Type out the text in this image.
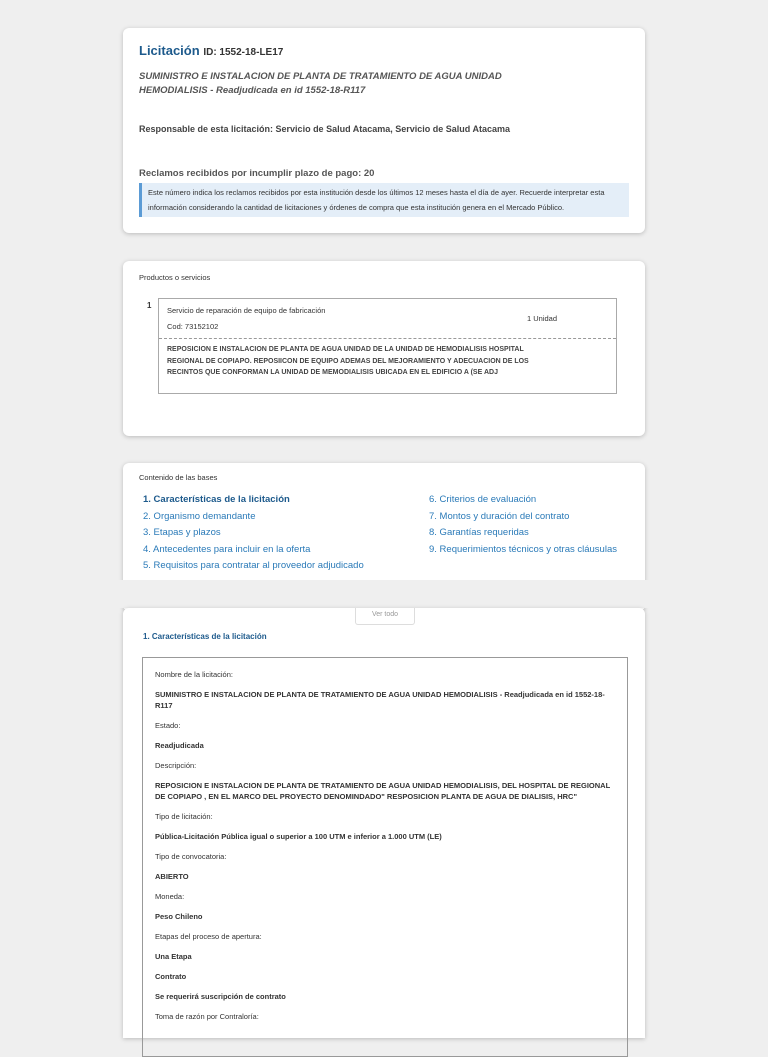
Licitación ID: 1552-18-LE17
SUMINISTRO E INSTALACION DE PLANTA DE TRATAMIENTO DE AGUA UNIDAD
HEMODIALISIS - Readjudicada en id 1552-18-R117
Responsable de esta licitación: Servicio de Salud Atacama, Servicio de Salud Atacama
Reclamos recibidos por incumplir plazo de pago: 20
Este número indica los reclamos recibidos por esta institución desde los últimos 12 meses hasta el día de ayer. Recuerde interpretar esta información considerando la cantidad de licitaciones y órdenes de compra que esta institución genera en el Mercado Público.
Productos o servicios
1
Servicio de reparación de equipo de fabricación
Cod: 73152102
1 Unidad
REPOSICION E INSTALACION DE PLANTA DE AGUA UNIDAD DE LA UNIDAD DE HEMODIALISIS HOSPITAL REGIONAL DE COPIAPO. REPOSIICON DE EQUIPO ADEMAS DEL MEJORAMIENTO Y ADECUACION DE LOS RECINTOS QUE CONFORMAN LA UNIDAD DE MEMODIALISIS UBICADA EN EL EDIFICIO A (SE ADJ
Contenido de las bases
1. Características de la licitación
2. Organismo demandante
3. Etapas y plazos
4. Antecedentes para incluir en la oferta
5. Requisitos para contratar al proveedor adjudicado
6. Criterios de evaluación
7. Montos y duración del contrato
8. Garantías requeridas
9. Requerimientos técnicos y otras cláusulas
1. Características de la licitación
Nombre de la licitación:
SUMINISTRO E INSTALACION DE PLANTA DE TRATAMIENTO DE AGUA UNIDAD HEMODIALISIS - Readjudicada en id 1552-18-R117
Estado:
Readjudicada
Descripción:
REPOSICION E INSTALACION DE PLANTA DE TRATAMIENTO DE AGUA UNIDAD HEMODIALISIS, DEL HOSPITAL DE REGIONAL DE COPIAPO , EN EL MARCO DEL PROYECTO DENOMINDADO" RESPOSICION PLANTA DE AGUA DE DIALISIS, HRC"
Tipo de licitación:
Pública-Licitación Pública igual o superior a 100 UTM e inferior a 1.000 UTM (LE)
Tipo de convocatoria:
ABIERTO
Moneda:
Peso Chileno
Etapas del proceso de apertura:
Una Etapa
Contrato
Se requerirá suscripción de contrato
Toma de razón por Contraloría:
Ver todo
